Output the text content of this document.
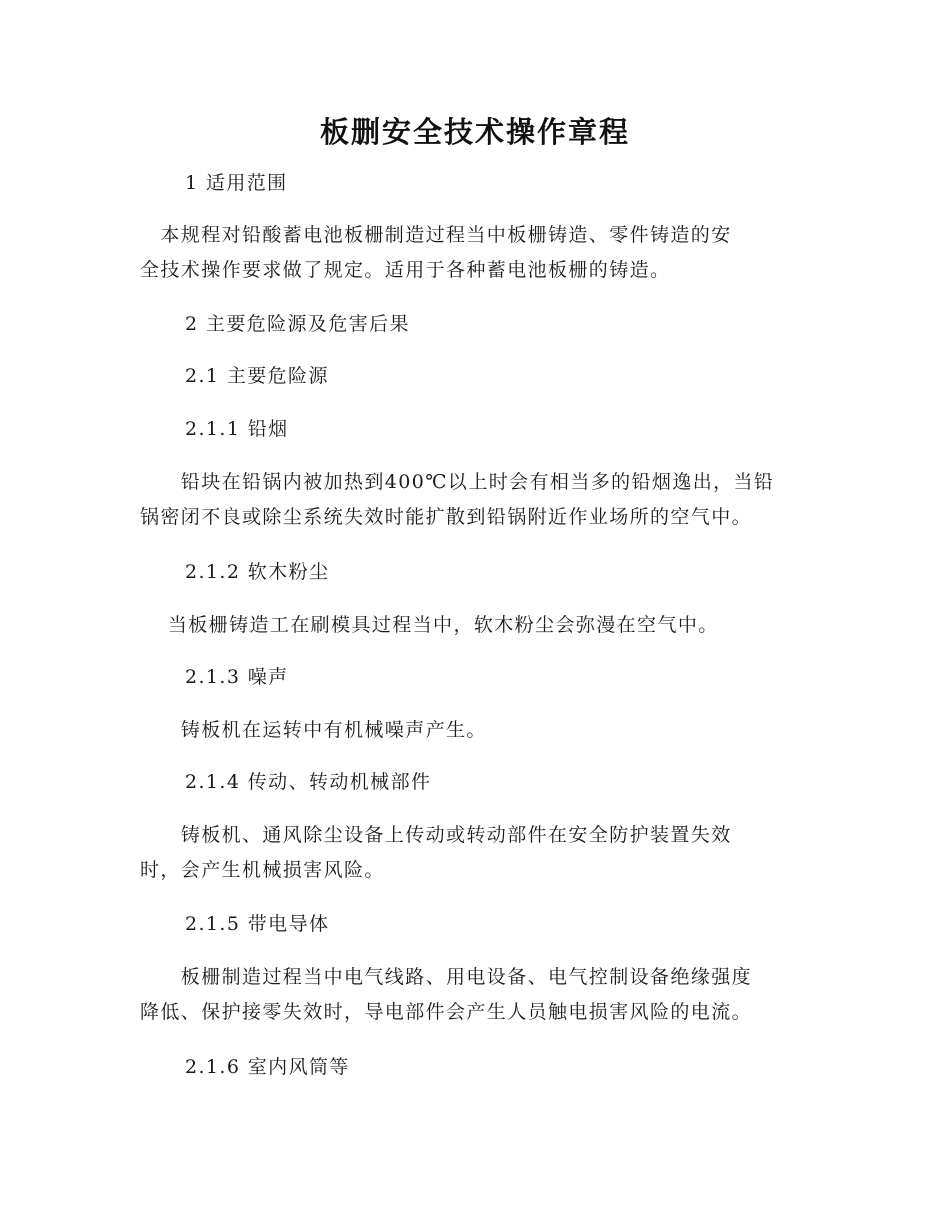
板删安全技术操作章程
1 适用范围
　本规程对铅酸蓄电池板栅制造过程当中板栅铸造、零件铸造的安
全技术操作要求做了规定。适用于各种蓄电池板栅的铸造。
2 主要危险源及危害后果
2.1 主要危险源
2.1.1 铅烟
　　铅块在铅锅内被加热到400℃以上时会有相当多的铅烟逸出，当铅
锅密闭不良或除尘系统失效时能扩散到铅锅附近作业场所的空气中。
2.1.2 软木粉尘
　 当板栅铸造工在刷模具过程当中，软木粉尘会弥漫在空气中。
2.1.3 噪声
　　铸板机在运转中有机械噪声产生。
2.1.4 传动、转动机械部件
　　铸板机、通风除尘设备上传动或转动部件在安全防护装置失效
时，会产生机械损害风险。
2.1.5 带电导体
　　板栅制造过程当中电气线路、用电设备、电气控制设备绝缘强度
降低、保护接零失效时，导电部件会产生人员触电损害风险的电流。
2.1.6 室内风筒等
